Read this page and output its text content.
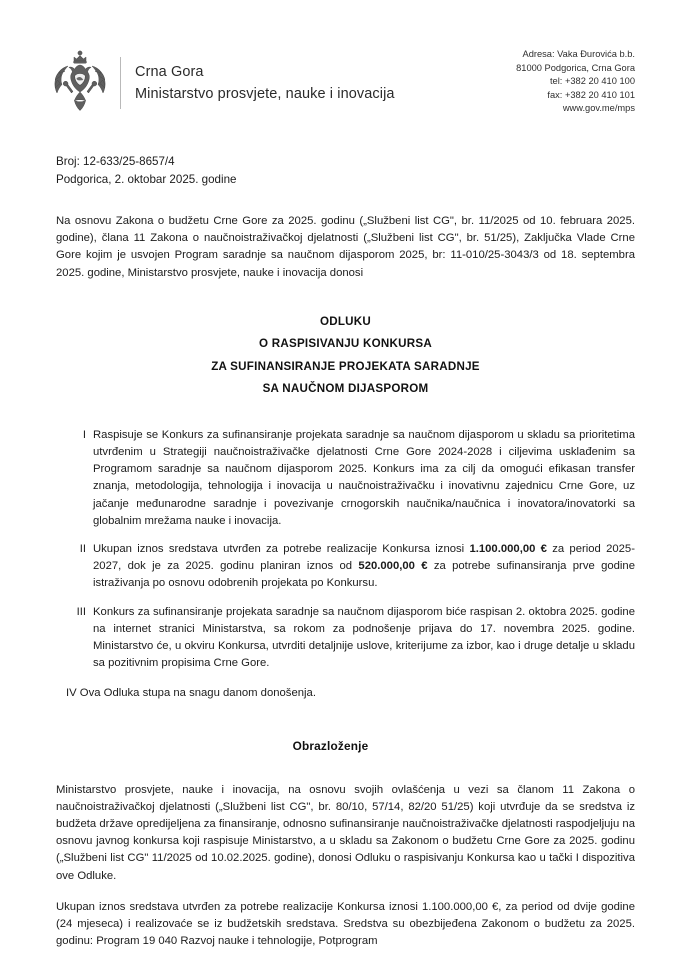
Crna Gora
Ministarstvo prosvjete, nauke i inovacija
Adresa: Vaka Đurovića b.b.
81000 Podgorica, Crna Gora
tel: +382 20 410 100
fax: +382 20 410 101
www.gov.me/mps
Broj: 12-633/25-8657/4
Podgorica, 2. oktobar 2025. godine
Na osnovu Zakona o budžetu Crne Gore za 2025. godinu („Službeni list CG", br. 11/2025 od 10. februara 2025. godine), člana 11 Zakona o naučnoistraživačkoj djelatnosti („Službeni list CG", br. 51/25), Zaključka Vlade Crne Gore kojim je usvojen Program saradnje sa naučnom dijasporom 2025, br: 11-010/25-3043/3 od 18. septembra 2025. godine, Ministarstvo prosvjete, nauke i inovacija donosi
ODLUKU
O RASPISIVANJU KONKURSA
ZA SUFINANSIRANJE PROJEKATA SARADNJE
SA NAUČNOM DIJASPOROM
I Raspisuje se Konkurs za sufinansiranje projekata saradnje sa naučnom dijasporom u skladu sa prioritetima utvrđenim u Strategiji naučnoistraživačke djelatnosti Crne Gore 2024-2028 i ciljevima usklađenim sa Programom saradnje sa naučnom dijasporom 2025. Konkurs ima za cilj da omogući efikasan transfer znanja, metodologija, tehnologija i inovacija u naučnoistraživačku i inovativnu zajednicu Crne Gore, uz jačanje međunarodne saradnje i povezivanje crnogorskih naučnika/naučnica i inovatora/inovatorki sa globalnim mrežama nauke i inovacija.
II Ukupan iznos sredstava utvrđen za potrebe realizacije Konkursa iznosi 1.100.000,00 € za period 2025-2027, dok je za 2025. godinu planiran iznos od 520.000,00 € za potrebe sufinansiranja prve godine istraživanja po osnovu odobrenih projekata po Konkursu.
III Konkurs za sufinansiranje projekata saradnje sa naučnom dijasporom biće raspisan 2. oktobra 2025. godine na internet stranici Ministarstva, sa rokom za podnošenje prijava do 17. novembra 2025. godine. Ministarstvo će, u okviru Konkursa, utvrditi detaljnije uslove, kriterijume za izbor, kao i druge detalje u skladu sa pozitivnim propisima Crne Gore.
IV Ova Odluka stupa na snagu danom donošenja.
Obrazloženje
Ministarstvo prosvjete, nauke i inovacija, na osnovu svojih ovlašćenja u vezi sa članom 11 Zakona o naučnoistraživačkoj djelatnosti („Službeni list CG", br. 80/10, 57/14, 82/20 51/25) koji utvrđuje da se sredstva iz budžeta države opredijeljena za finansiranje, odnosno sufinansiranje naučnoistraživačke djelatnosti raspodjeljuju na osnovu javnog konkursa koji raspisuje Ministarstvo, a u skladu sa Zakonom o budžetu Crne Gore za 2025. godinu („Službeni list CG" 11/2025 od 10.02.2025. godine), donosi Odluku o raspisivanju Konkursa kao u tački I dispozitiva ove Odluke.
Ukupan iznos sredstava utvrđen za potrebe realizacije Konkursa iznosi 1.100.000,00 €, za period od dvije godine (24 mjeseca) i realizovaće se iz budžetskih sredstava. Sredstva su obezbijeđena Zakonom o budžetu za 2025. godinu: Program 19 040 Razvoj nauke i tehnologije, Potprogram
